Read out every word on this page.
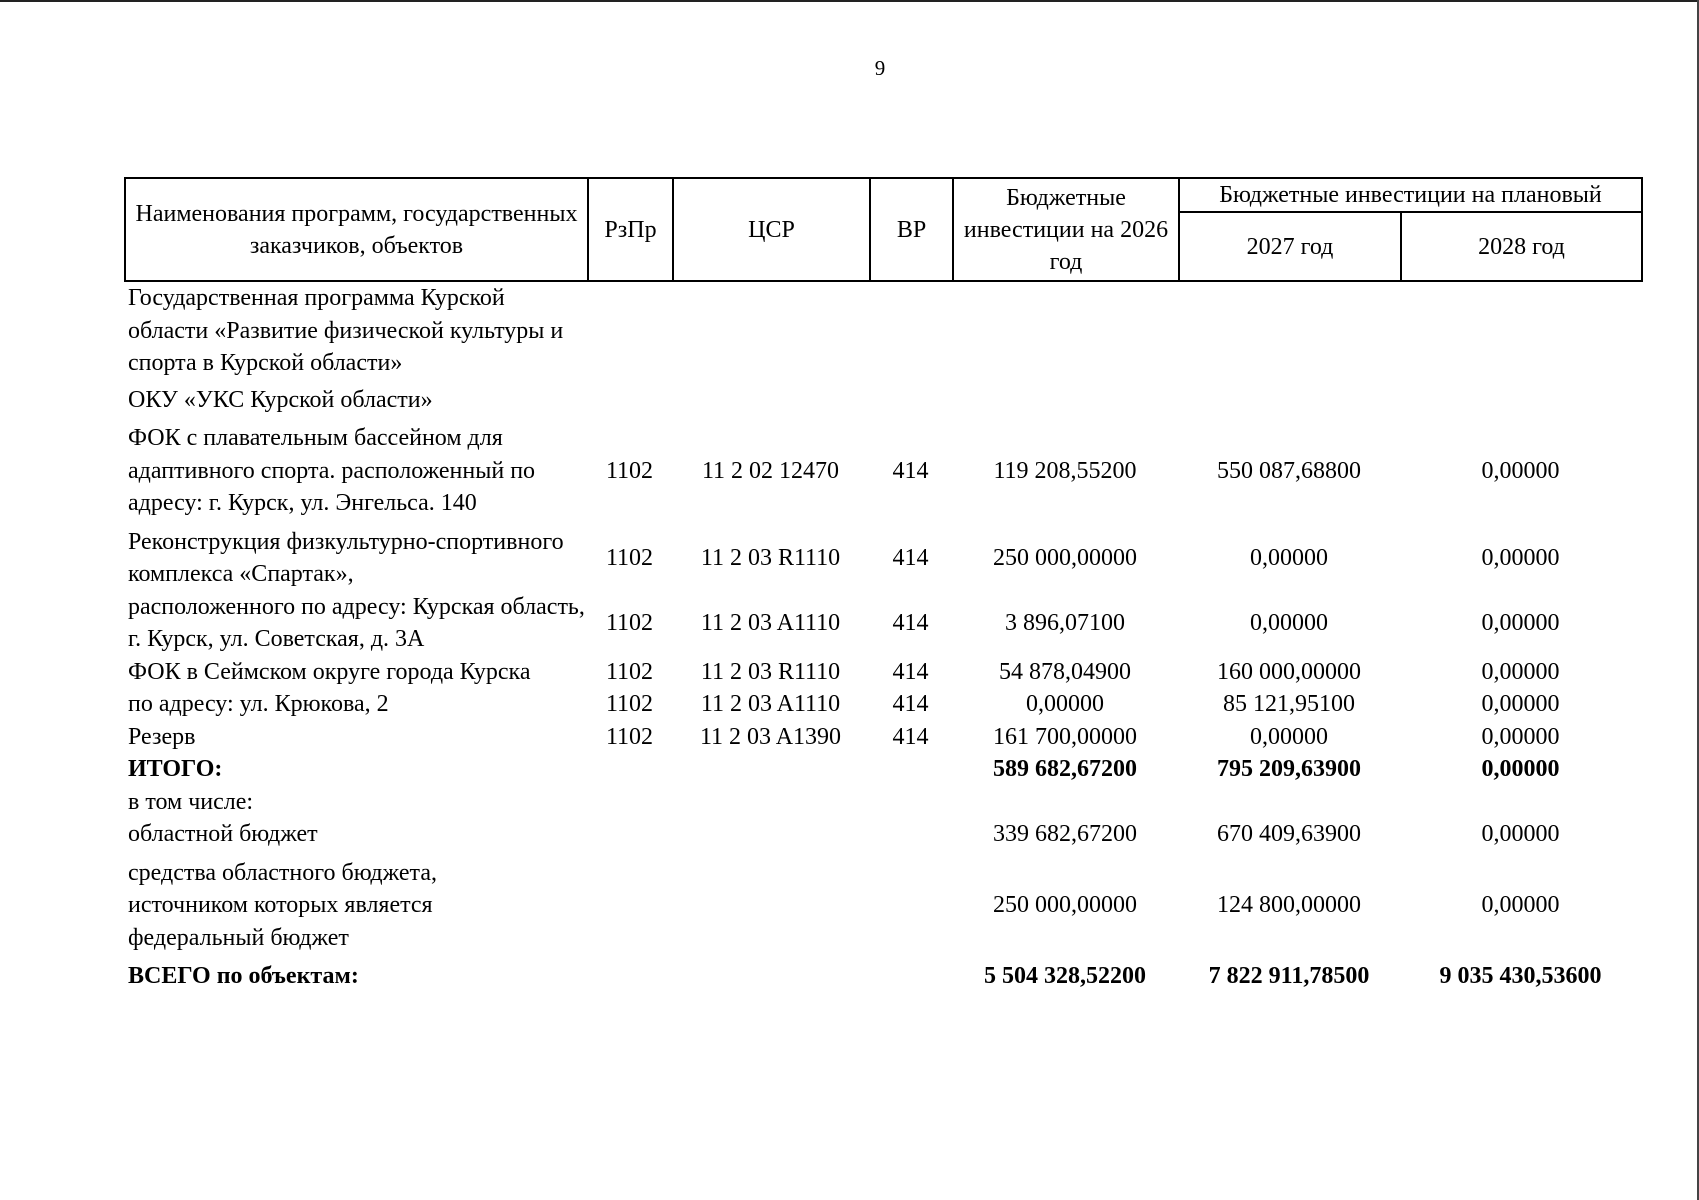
9
Наименования программ, государственных заказчиков, объектов	РзПр	ЦСР	ВР	Бюджетные инвестиции на 2026 год	Бюджетные инвестиции на плановый	
					2027 год	2028 год
Государственная программа Курской области «Развитие физической культуры и спорта в Курской области»						

ОКУ «УКС Курской области»						

ФОК с плавательным бассейном для адаптивного спорта. расположенный по адресу: г. Курск, ул. Энгельса. 140	1102	11 2 02 12470	414	119 208,55200	550 087,68800	0,00000

Реконструкция физкультурно-спортивного комплекса «Спартак»,	1102	11 2 03 R1110	414	250 000,00000	0,00000	0,00000
расположенного по адресу: Курская область, г. Курск, ул. Советская, д. 3А	1102	11 2 03 A1110	414	3 896,07100	0,00000	0,00000
ФОК в Сеймском округе города Курска	1102	11 2 03 R1110	414	54 878,04900	160 000,00000	0,00000
по адресу: ул. Крюкова, 2	1102	11 2 03 A1110	414	0,00000	85 121,95100	0,00000
Резерв	1102	11 2 03 A1390	414	161 700,00000	0,00000	0,00000
ИТОГО:				589 682,67200	795 209,63900	0,00000
в том числе:						
областной бюджет				339 682,67200	670 409,63900	0,00000

средства областного бюджета, источником которых является федеральный бюджет				250 000,00000	124 800,00000	0,00000

ВСЕГО по объектам:				5 504 328,52200	7 822 911,78500	9 035 430,53600
